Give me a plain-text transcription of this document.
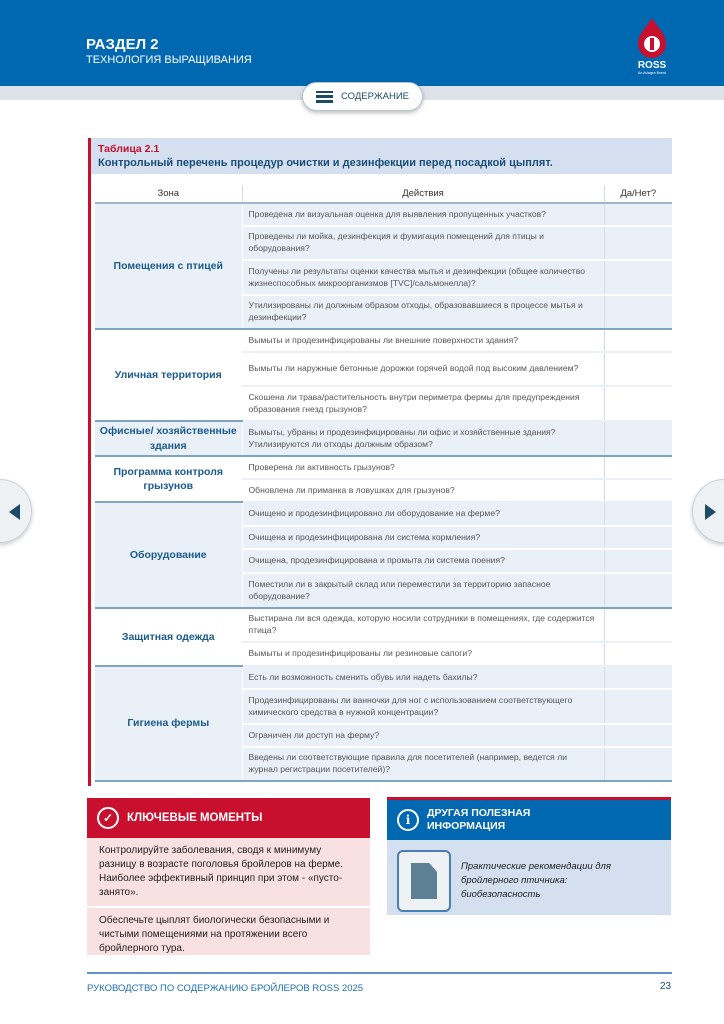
РАЗДЕЛ 2
ТЕХНОЛОГИЯ ВЫРАЩИВАНИЯ	ROSS
An Aviagen Brand
СОДЕРЖАНИЕ
Таблица 2.1
Контрольный перечень процедур очистки и дезинфекции перед посадкой цыплят.
Зона	Действия	Да/Нет?
Помещения с птицей	Проведена ли визуальная оценка для выявления пропущенных участков?	
	Проведены ли мойка, дезинфекция и фумигация помещений для птицы и оборудования?	
	Получены ли результаты оценки качества мытья и дезинфекции (общее количество жизнеспособных микроорганизмов [TVC]/сальмонелла)?	
	Утилизированы ли должным образом отходы, образовавшиеся в процессе мытья и дезинфекции?	
Уличная территория	Вымыты и продезинфицированы ли внешние поверхности здания?	
	Вымыты ли наружные бетонные дорожки горячей водой под высоким давлением?	
	Скошена ли трава/растительность внутри периметра фермы для предупреждения образования гнезд грызунов?	
Офисные/ хозяйственные здания	Вымыты, убраны и продезинфицированы ли офис и хозяйственные здания? Утилизируются ли отходы должным образом?	
Программа контроля грызунов	Проверена ли активность грызунов?	
	Обновлена ли приманка в ловушках для грызунов?	
Оборудование	Очищено и продезинфицировано ли оборудование на ферме?	
	Очищена и продезинфицирована ли система кормления?	
	Очищена, продезинфицирована и промыта ли система поения?	
	Поместили ли в закрытый склад или переместили за территорию запасное оборудование?	
Защитная одежда	Выстирана ли вся одежда, которую носили сотрудники в помещениях, где содержится птица?	
	Вымыты и продезинфицированы ли резиновые сапоги?	
Гигиена фермы	Есть ли возможность сменить обувь или надеть бахилы?	
	Продезинфицированы ли ванночки для ног с использованием соответствующего химического средства в нужной концентрации?	
	Ограничен ли доступ на ферму?	
	Введены ли соответствующие правила для посетителей (например, ведется ли журнал регистрации посетителей)?	
✓	КЛЮЧЕВЫЕ МОМЕНТЫ

Контролируйте заболевания, сводя к минимуму разницу в возрасте поголовья бройлеров на ферме. Наиболее эффективный принцип при этом - «пусто-занято».

Обеспечьте цыплят биологически безопасными и чистыми помещениями на протяжении всего бройлерного тура.

i	ДРУГАЯ ПОЛЕЗНАЯ ИНФОРМАЦИЯ
Практические рекомендации для бройлерного птичника: биобезопасность
РУКОВОДСТВО ПО СОДЕРЖАНИЮ БРОЙЛЕРОВ ROSS 2025	23
